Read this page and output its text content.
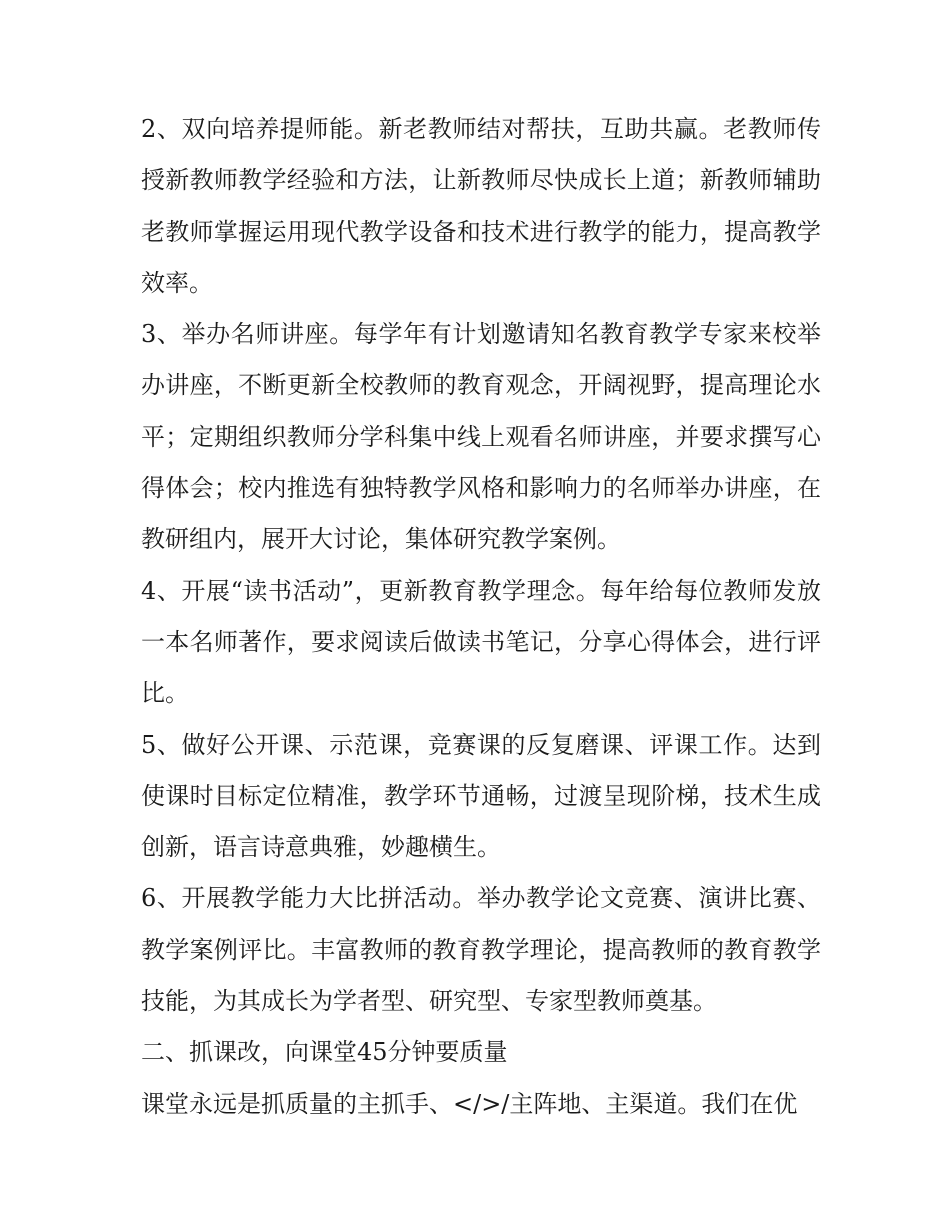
2、双向培养提师能。新老教师结对帮扶，互助共赢。老教师传授新教师教学经验和方法，让新教师尽快成长上道；新教师辅助老教师掌握运用现代教学设备和技术进行教学的能力，提高教学效率。

3、举办名师讲座。每学年有计划邀请知名教育教学专家来校举办讲座，不断更新全校教师的教育观念，开阔视野，提高理论水平；定期组织教师分学科集中线上观看名师讲座，并要求撰写心得体会；校内推选有独特教学风格和影响力的名师举办讲座，在教研组内，展开大讨论，集体研究教学案例。

4、开展“读书活动”，更新教育教学理念。每年给每位教师发放一本名师著作，要求阅读后做读书笔记，分享心得体会，进行评比。

5、做好公开课、示范课，竞赛课的反复磨课、评课工作。达到使课时目标定位精准，教学环节通畅，过渡呈现阶梯，技术生成创新，语言诗意典雅，妙趣横生。

6、开展教学能力大比拼活动。举办教学论文竞赛、演讲比赛、教学案例评比。丰富教师的教育教学理论，提高教师的教育教学技能，为其成长为学者型、研究型、专家型教师奠基。

二、抓课改，向课堂45分钟要质量

课堂永远是抓质量的主抓手、</>/主阵地、主渠道。我们在优
